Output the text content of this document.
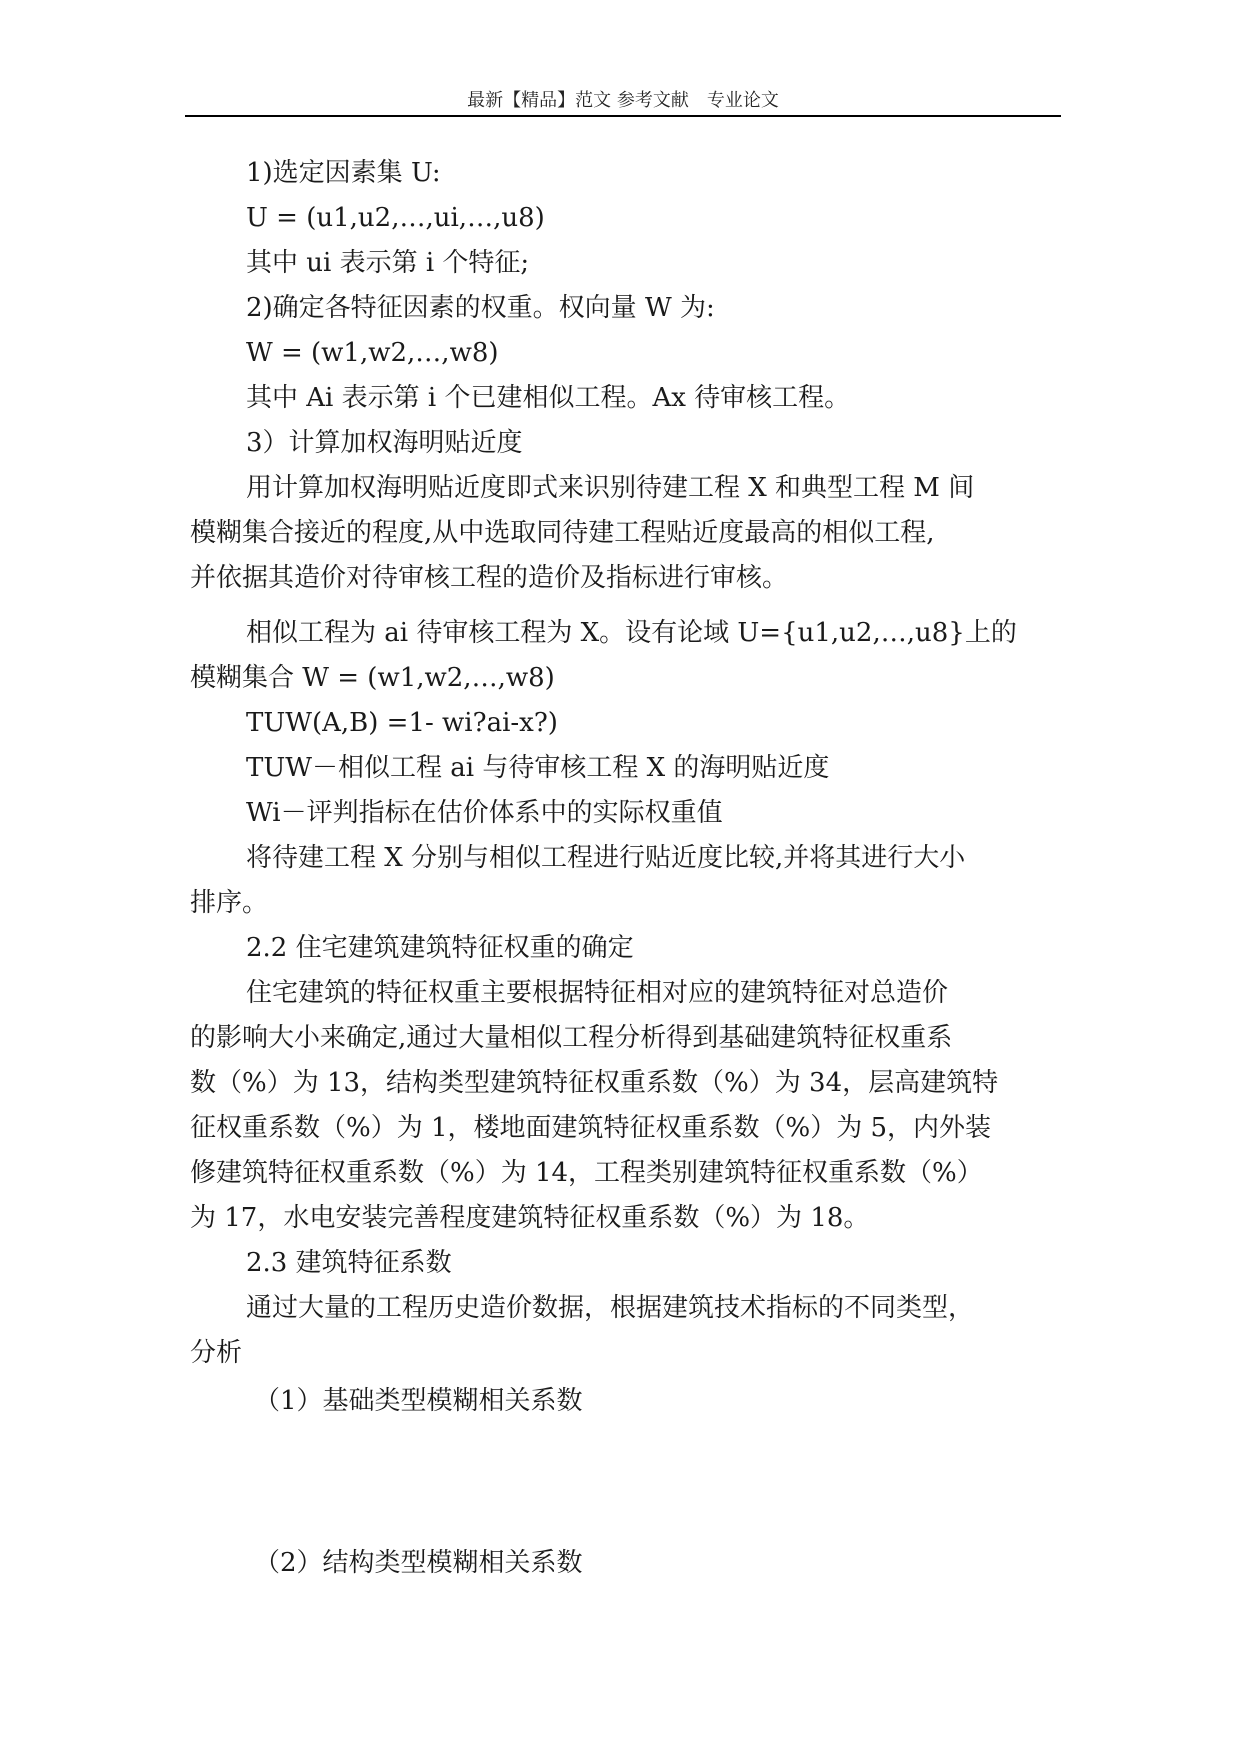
最新【精品】范文 参考文献　专业论文
1)选定因素集 U:
U = (u1,u2,…,ui,…,u8)
其中 ui 表示第 i 个特征;
2)确定各特征因素的权重。权向量 W 为:
W = (w1,w2,…,w8)
其中 Ai 表示第 i 个已建相似工程。Ax 待审核工程。
3）计算加权海明贴近度
用计算加权海明贴近度即式来识别待建工程 X 和典型工程 M 间
模糊集合接近的程度,从中选取同待建工程贴近度最高的相似工程,
并依据其造价对待审核工程的造价及指标进行审核。
相似工程为 ai 待审核工程为 X。设有论域 U={u1,u2,…,u8}上的
模糊集合 W = (w1,w2,…,w8)
TUW(A,B) =1- wi?ai-x?)
TUW－相似工程 ai 与待审核工程 X 的海明贴近度
Wi－评判指标在估价体系中的实际权重值
将待建工程 X 分别与相似工程进行贴近度比较,并将其进行大小
排序。
2.2 住宅建筑建筑特征权重的确定
住宅建筑的特征权重主要根据特征相对应的建筑特征对总造价
的影响大小来确定,通过大量相似工程分析得到基础建筑特征权重系
数（%）为 13，结构类型建筑特征权重系数（%）为 34，层高建筑特
征权重系数（%）为 1，楼地面建筑特征权重系数（%）为 5，内外装
修建筑特征权重系数（%）为 14，工程类别建筑特征权重系数（%）
为 17，水电安装完善程度建筑特征权重系数（%）为 18。
2.3 建筑特征系数
通过大量的工程历史造价数据，根据建筑技术指标的不同类型，
分析
（1）基础类型模糊相关系数
（2）结构类型模糊相关系数
